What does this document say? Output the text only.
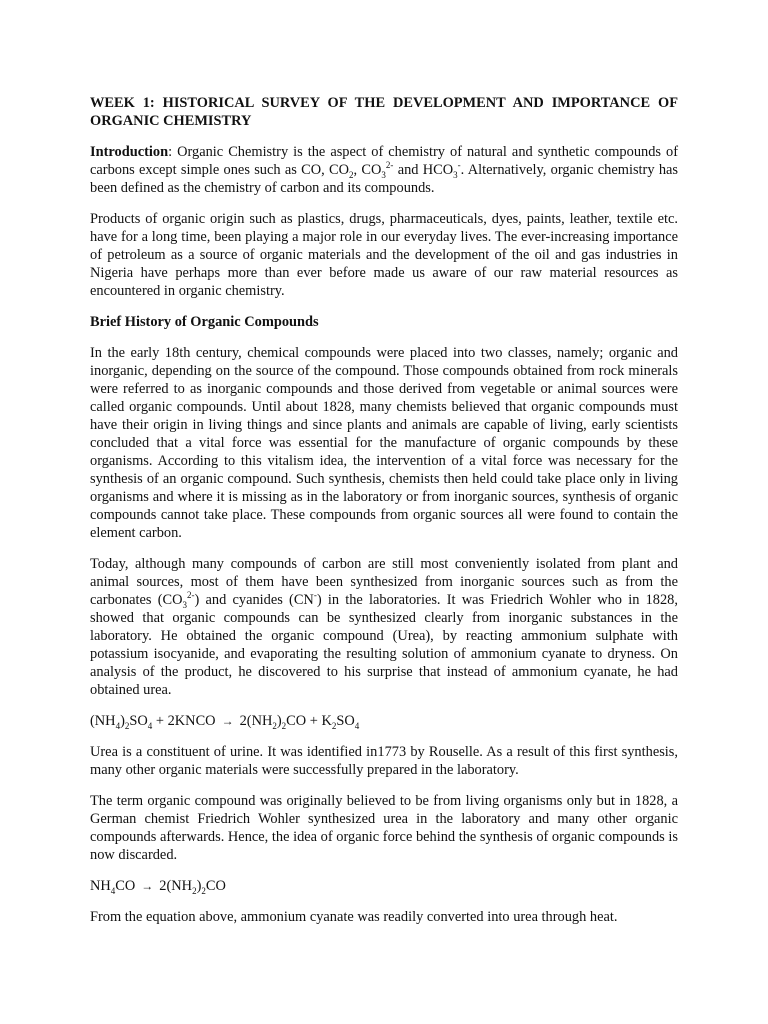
WEEK 1: HISTORICAL SURVEY OF THE DEVELOPMENT AND IMPORTANCE OF ORGANIC CHEMISTRY

Introduction: Organic Chemistry is the aspect of chemistry of natural and synthetic compounds of carbons except simple ones such as CO, $CO_2$, $CO_3^{2-}$ and $HCO_3^-$. Alternatively, organic chemistry has been defined as the chemistry of carbon and its compounds.

Products of organic origin such as plastics, drugs, pharmaceuticals, dyes, paints, leather, textile etc. have for a long time, been playing a major role in our everyday lives. The ever-increasing importance of petroleum as a source of organic materials and the development of the oil and gas industries in Nigeria have perhaps more than ever before made us aware of our raw material resources as encountered in organic chemistry.

Brief History of Organic Compounds

In the early 18th century, chemical compounds were placed into two classes, namely; organic and inorganic, depending on the source of the compound. Those compounds obtained from rock minerals were referred to as inorganic compounds and those derived from vegetable or animal sources were called organic compounds. Until about 1828, many chemists believed that organic compounds must have their origin in living things and since plants and animals are capable of living, early scientists concluded that a vital force was essential for the manufacture of organic compounds by these organisms. According to this vitalism idea, the intervention of a vital force was necessary for the synthesis of an organic compound. Such synthesis, chemists then held could take place only in living organisms and where it is missing as in the laboratory or from inorganic sources, synthesis of organic compounds cannot take place. These compounds from organic sources all were found to contain the element carbon.

Today, although many compounds of carbon are still most conveniently isolated from plant and animal sources, most of them have been synthesized from inorganic sources such as from the carbonates $(CO_3^{2-})$ and cyanides (CN-) in the laboratories. It was Friedrich Wohler who in 1828, showed that organic compounds can be synthesized clearly from inorganic substances in the laboratory. He obtained the organic compound (Urea), by reacting ammonium sulphate with potassium isocyanide, and evaporating the resulting solution of ammonium cyanate to dryness. On analysis of the product, he discovered to his surprise that instead of ammonium cyanate, he had obtained urea.

$(NH_4)_2SO_4$ + 2KNCO → $2(NH_2)_2CO + K_2SO_4$

Urea is a constituent of urine. It was identified in1773 by Rouselle. As a result of this first synthesis, many other organic materials were successfully prepared in the laboratory.

The term organic compound was originally believed to be from living organisms only but in 1828, a German chemist Friedrich Wohler synthesized urea in the laboratory and many other organic compounds afterwards. Hence, the idea of organic force behind the synthesis of organic compounds is now discarded.

$NH_4CO \to 2(NH_2)_2CO$

From the equation above, ammonium cyanate was readily converted into urea through heat.
